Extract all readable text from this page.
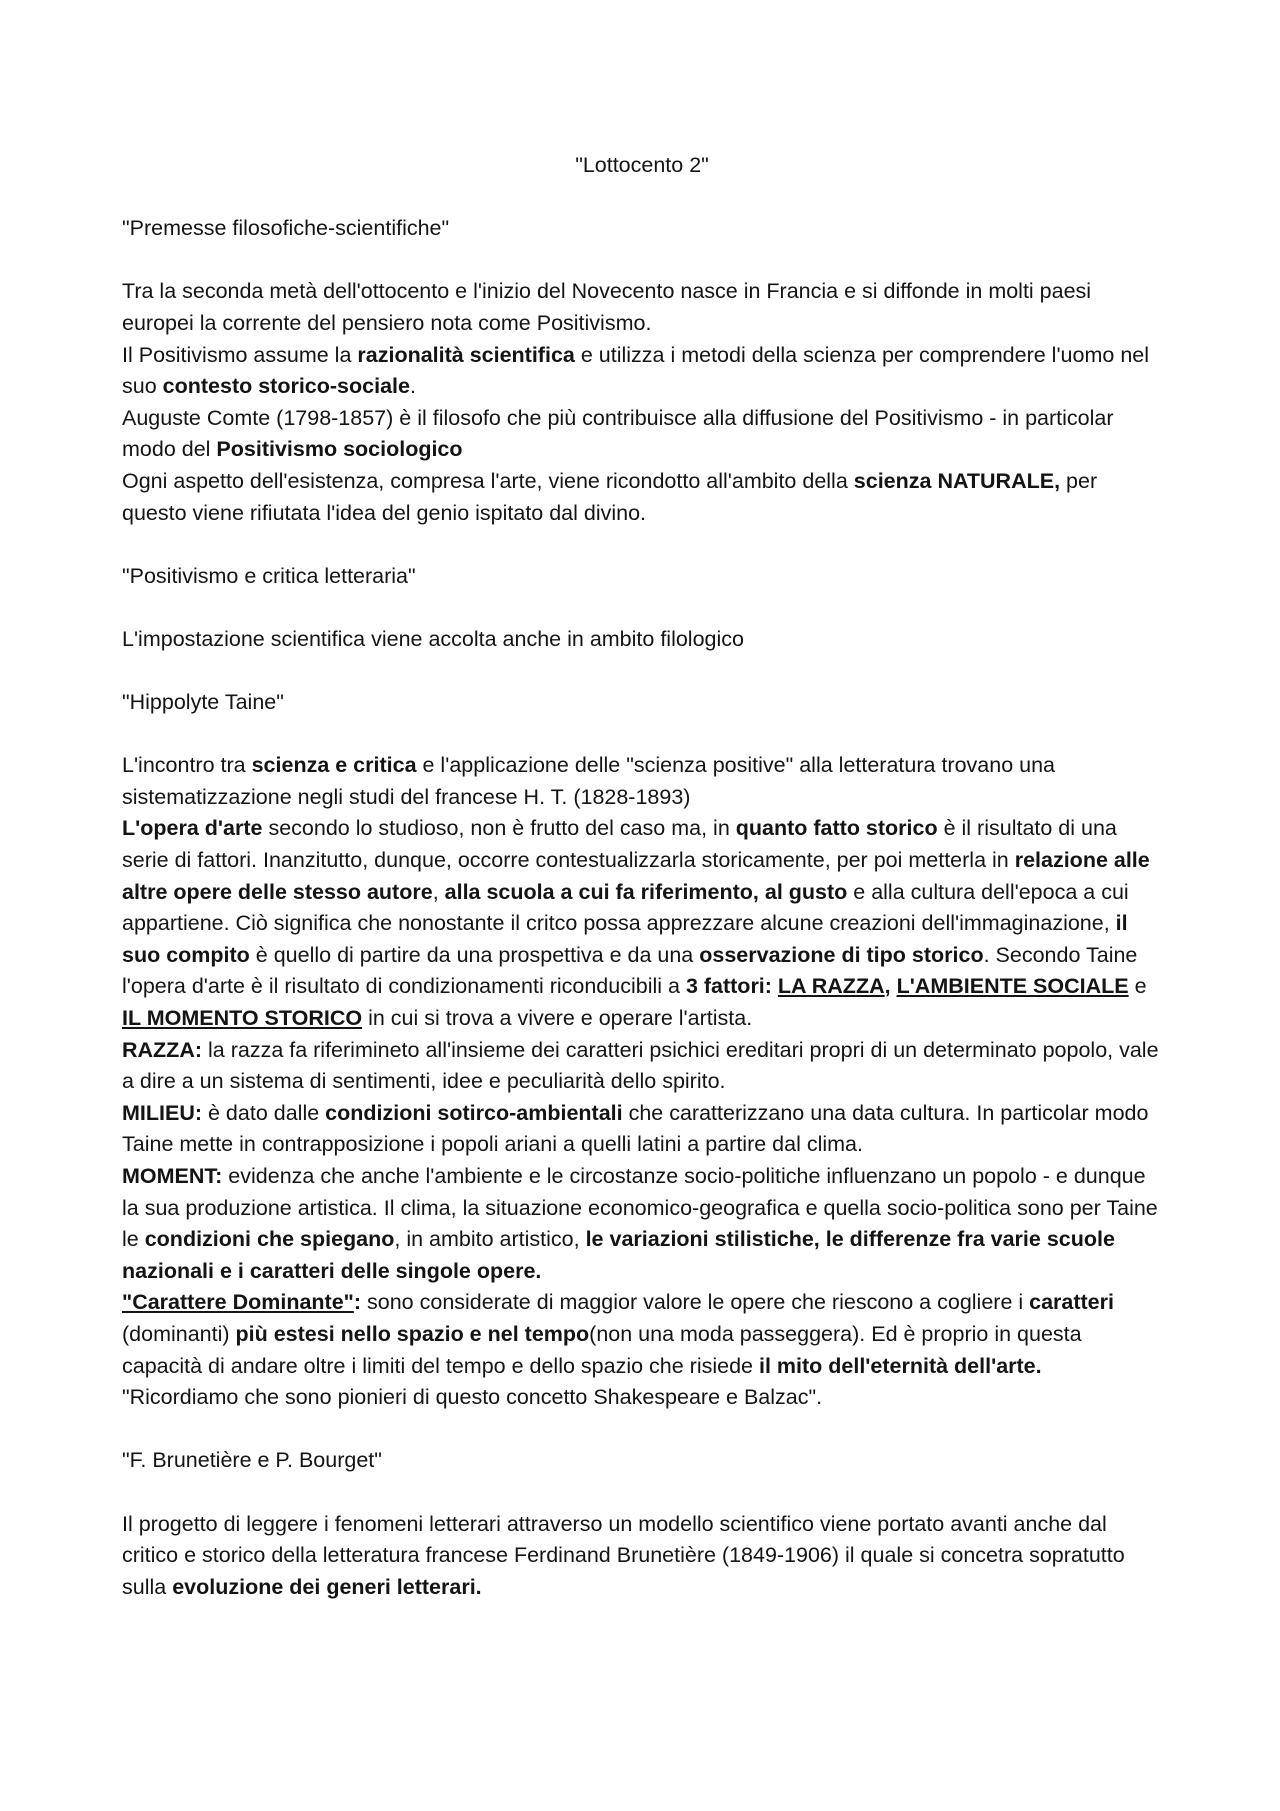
"Lottocento 2"
"Premesse filosofiche-scientifiche"

Tra la seconda metà dell'ottocento e l'inizio del Novecento nasce in Francia e si diffonde in molti paesi europei la corrente del pensiero nota come Positivismo.

Il Positivismo assume la razionalità scientifica e utilizza i metodi della scienza per comprendere l'uomo nel suo contesto storico-sociale.

Auguste Comte (1798-1857) è il filosofo che più contribuisce alla diffusione del Positivismo - in particolar modo del Positivismo sociologico

Ogni aspetto dell'esistenza, compresa l'arte, viene ricondotto all'ambito della scienza NATURALE, per questo viene rifiutata l'idea del genio ispitato dal divino.

"Positivismo e critica letteraria"

L'impostazione scientifica viene accolta anche in ambito filologico

"Hippolyte Taine"

L'incontro tra scienza e critica e l'applicazione delle "scienza positive" alla letteratura trovano una sistematizzazione negli studi del francese H. T. (1828-1893)

L'opera d'arte secondo lo studioso, non è frutto del caso ma, in quanto fatto storico è il risultato di una serie di fattori. Inanzitutto, dunque, occorre contestualizzarla storicamente, per poi metterla in relazione alle altre opere delle stesso autore, alla scuola a cui fa riferimento, al gusto e alla cultura dell'epoca a cui appartiene. Ciò significa che nonostante il critco possa apprezzare alcune creazioni dell'immaginazione, il suo compito è quello di partire da una prospettiva e da una osservazione di tipo storico. Secondo Taine l'opera d'arte è il risultato di condizionamenti riconducibili a 3 fattori: LA RAZZA, L'AMBIENTE SOCIALE e IL MOMENTO STORICO in cui si trova a vivere e operare l'artista.

RAZZA: la razza fa riferimineto all'insieme dei caratteri psichici ereditari propri di un determinato popolo, vale a dire a un sistema di sentimenti, idee e peculiarità dello spirito.

MILIEU: è dato dalle condizioni sotirco-ambientali che caratterizzano una data cultura. In particolar modo Taine mette in contrapposizione i popoli ariani a quelli latini a partire dal clima.

MOMENT: evidenza che anche l'ambiente e le circostanze socio-politiche influenzano un popolo - e dunque la sua produzione artistica. Il clima, la situazione economico-geografica e quella socio-politica sono per Taine le condizioni che spiegano, in ambito artistico, le variazioni stilistiche, le differenze fra varie scuole nazionali e i caratteri delle singole opere.

"Carattere Dominante": sono considerate di maggior valore le opere che riescono a cogliere i caratteri (dominanti) più estesi nello spazio e nel tempo(non una moda passeggera). Ed è proprio in questa capacità di andare oltre i limiti del tempo e dello spazio che risiede il mito dell'eternità dell'arte. "Ricordiamo che sono pionieri di questo concetto Shakespeare e Balzac".

"F. Brunetière e P. Bourget"

Il progetto di leggere i fenomeni letterari attraverso un modello scientifico viene portato avanti anche dal critico e storico della letteratura francese Ferdinand Brunetière (1849-1906) il quale si concetra sopratutto sulla evoluzione dei generi letterari.
